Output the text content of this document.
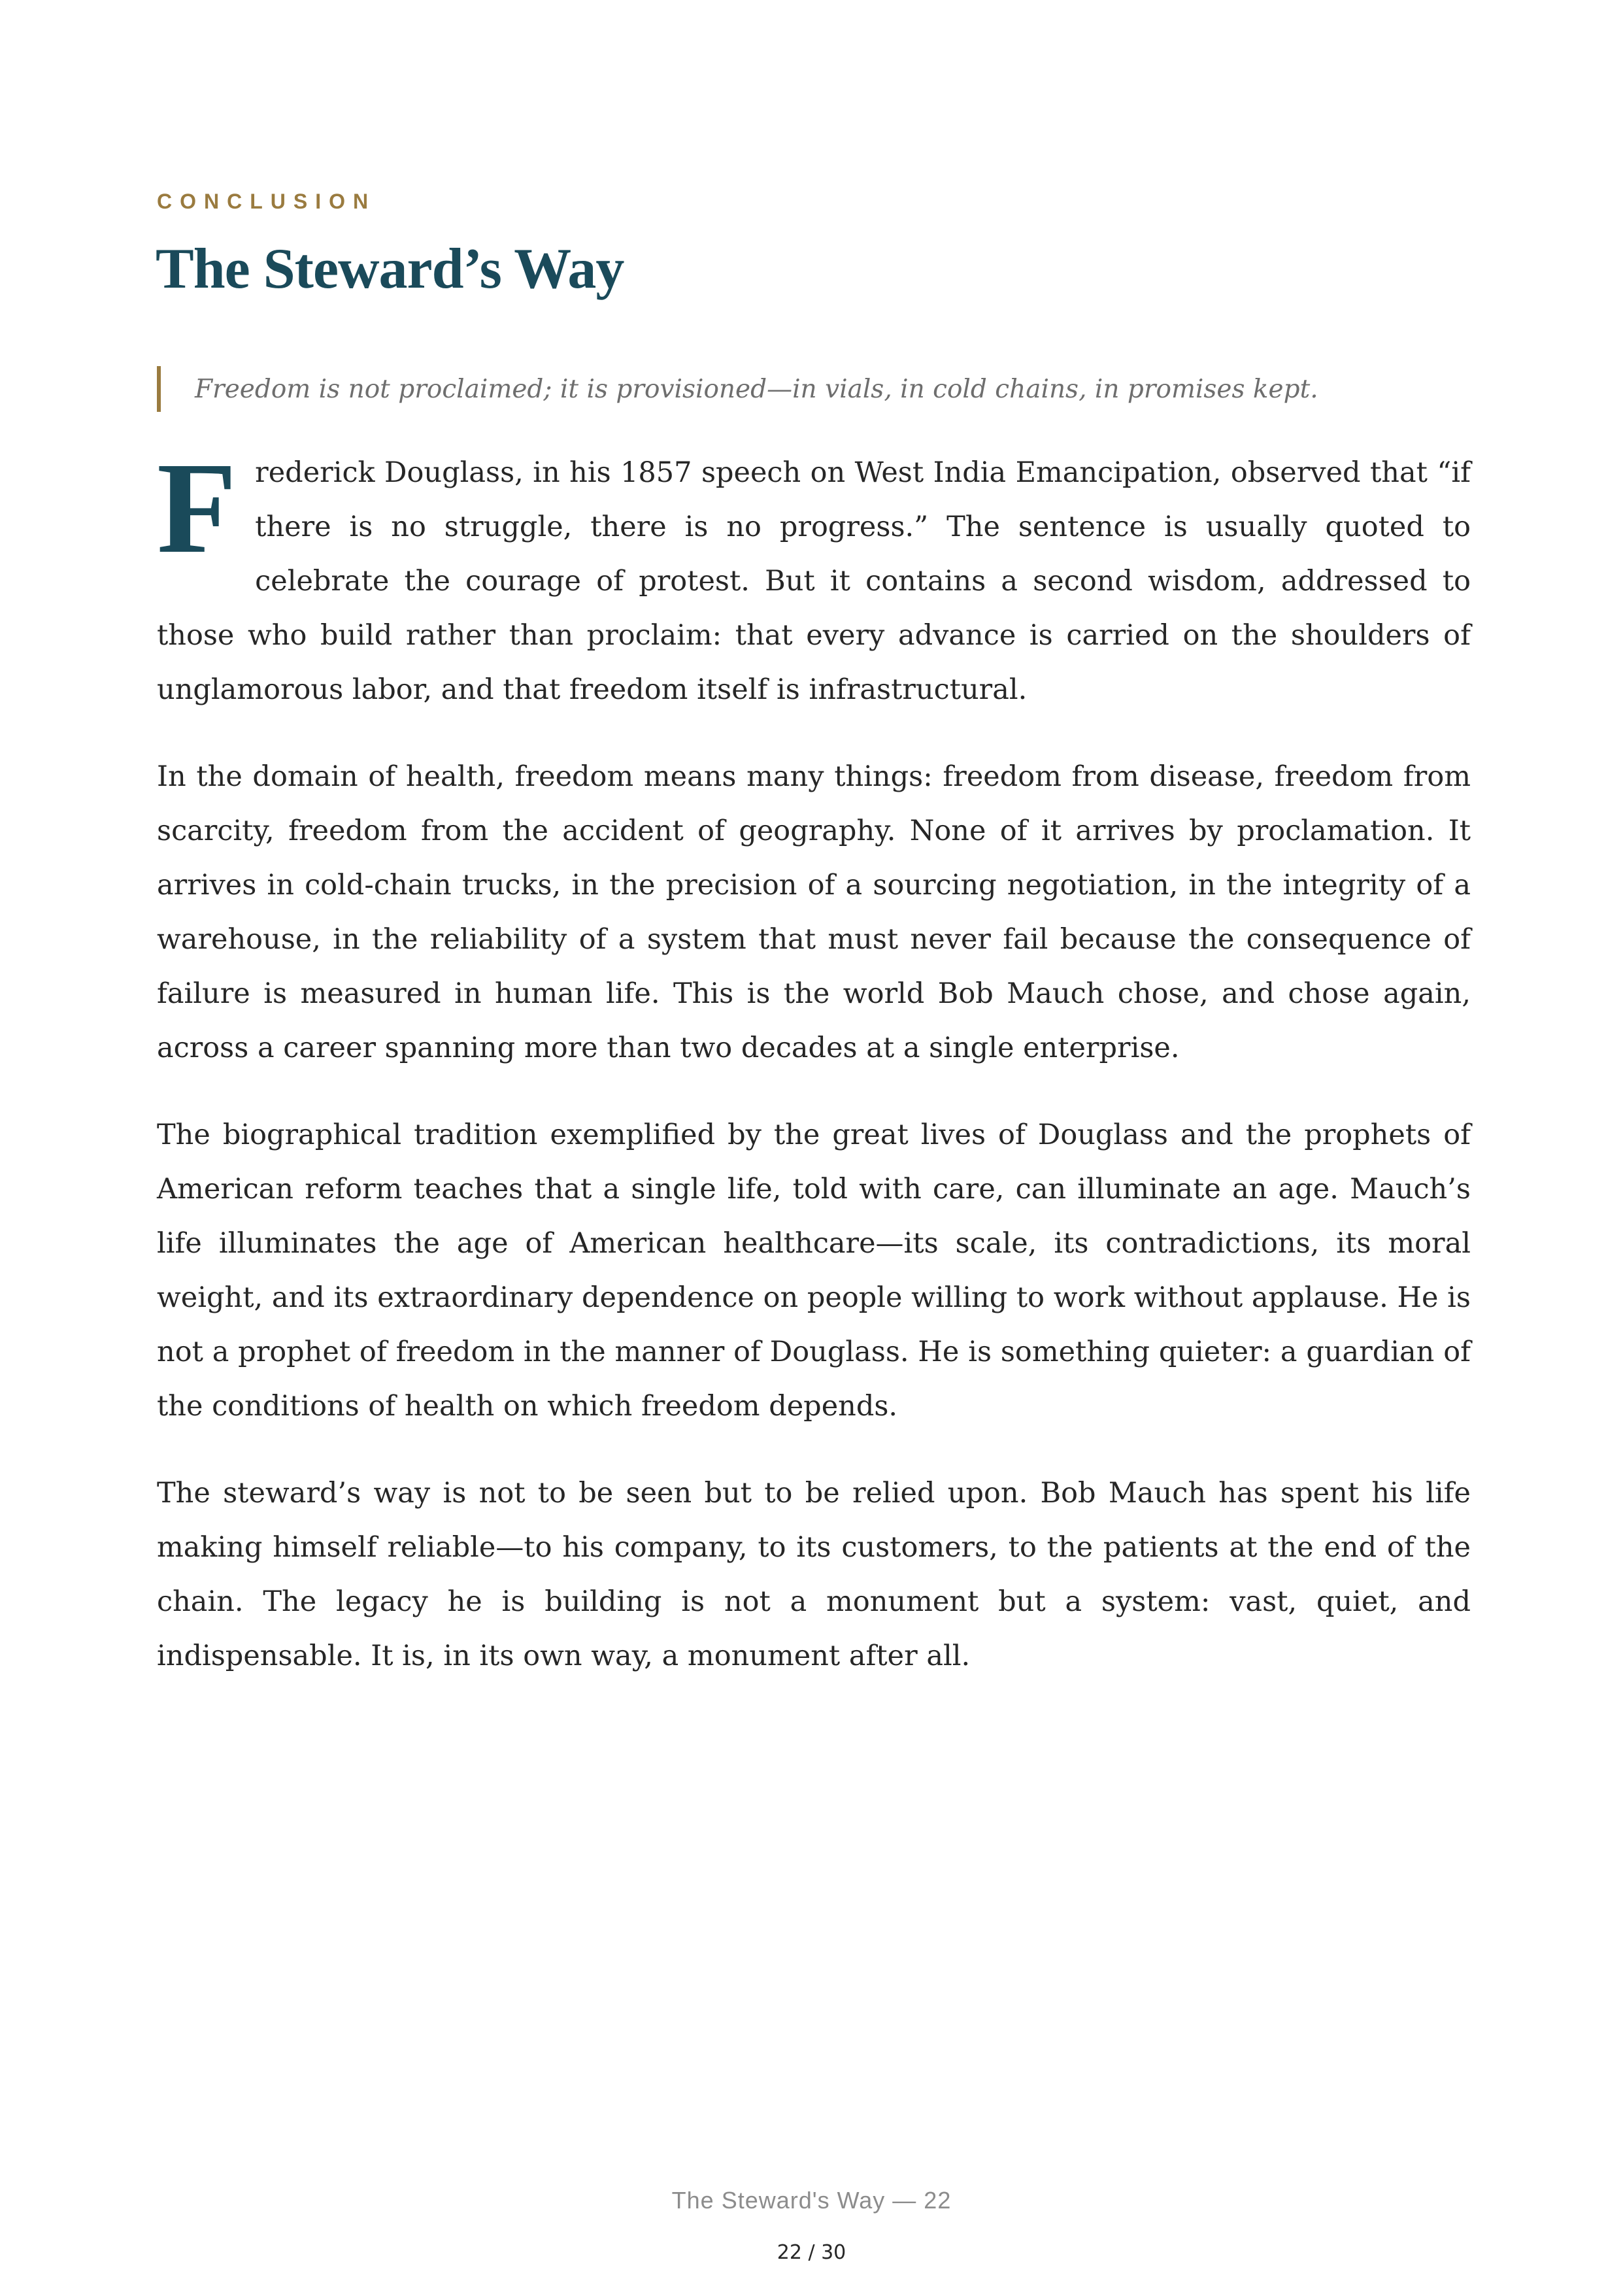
CONCLUSION
The Steward’s Way
Freedom is not proclaimed; it is provisioned—in vials, in cold chains, in promises kept.

Frederick Douglass, in his 1857 speech on West India Emancipation, observed that “if there is no struggle, there is no progress.” The sentence is usually quoted to celebrate the courage of protest. But it contains a second wisdom, addressed to those who build rather than proclaim: that every advance is carried on the shoulders of unglamorous labor, and that freedom itself is infrastructural.

In the domain of health, freedom means many things: freedom from disease, freedom from scarcity, freedom from the accident of geography. None of it arrives by proclamation. It arrives in cold-chain trucks, in the precision of a sourcing negotiation, in the integrity of a warehouse, in the reliability of a system that must never fail because the consequence of failure is measured in human life. This is the world Bob Mauch chose, and chose again, across a career spanning more than two decades at a single enterprise.

The biographical tradition exemplified by the great lives of Douglass and the prophets of American reform teaches that a single life, told with care, can illuminate an age. Mauch’s life illuminates the age of American healthcare—its scale, its contradictions, its moral weight, and its extraordinary dependence on people willing to work without applause. He is not a prophet of freedom in the manner of Douglass. He is something quieter: a guardian of the conditions of health on which freedom depends.

The steward’s way is not to be seen but to be relied upon. Bob Mauch has spent his life making himself reliable—to his company, to its customers, to the patients at the end of the chain. The legacy he is building is not a monument but a system: vast, quiet, and indispensable. It is, in its own way, a monument after all.

The Steward's Way — 22
22 / 30
